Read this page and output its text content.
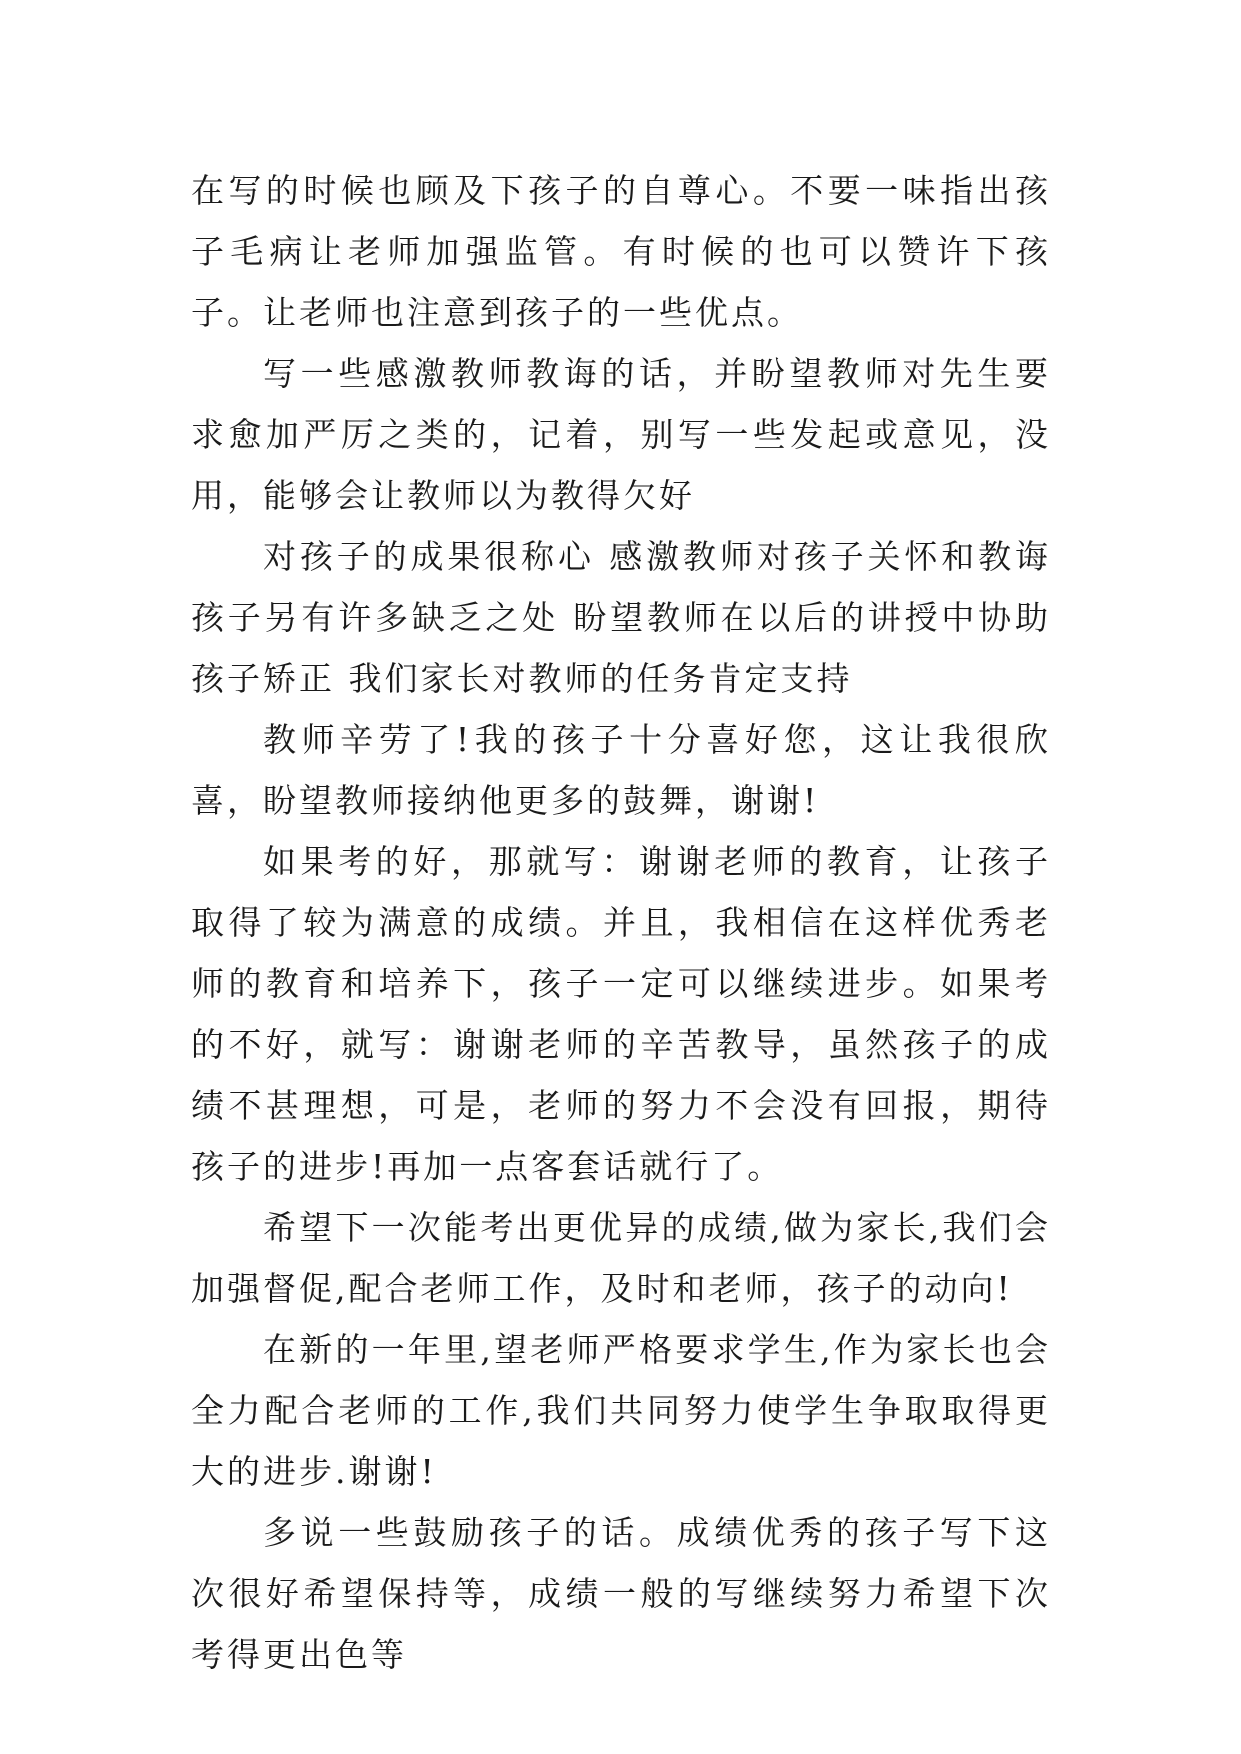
在写的时候也顾及下孩子的自尊心。不要一味指出孩子毛病让老师加强监管。有时候的也可以赞许下孩子。让老师也注意到孩子的一些优点。

写一些感激教师教诲的话，并盼望教师对先生要求愈加严厉之类的，记着，别写一些发起或意见，没用，能够会让教师以为教得欠好

对孩子的成果很称心 感激教师对孩子关怀和教诲 孩子另有许多缺乏之处 盼望教师在以后的讲授中协助孩子矫正 我们家长对教师的任务肯定支持

教师辛劳了!我的孩子十分喜好您，这让我很欣喜，盼望教师接纳他更多的鼓舞，谢谢!

如果考的好，那就写：谢谢老师的教育，让孩子取得了较为满意的成绩。并且，我相信在这样优秀老师的教育和培养下，孩子一定可以继续进步。如果考的不好，就写：谢谢老师的辛苦教导，虽然孩子的成绩不甚理想，可是，老师的努力不会没有回报，期待孩子的进步!再加一点客套话就行了。

希望下一次能考出更优异的成绩,做为家长,我们会加强督促,配合老师工作，及时和老师，孩子的动向!

在新的一年里,望老师严格要求学生,作为家长也会全力配合老师的工作,我们共同努力使学生争取取得更大的进步.谢谢!

多说一些鼓励孩子的话。成绩优秀的孩子写下这次很好希望保持等，成绩一般的写继续努力希望下次考得更出色等
